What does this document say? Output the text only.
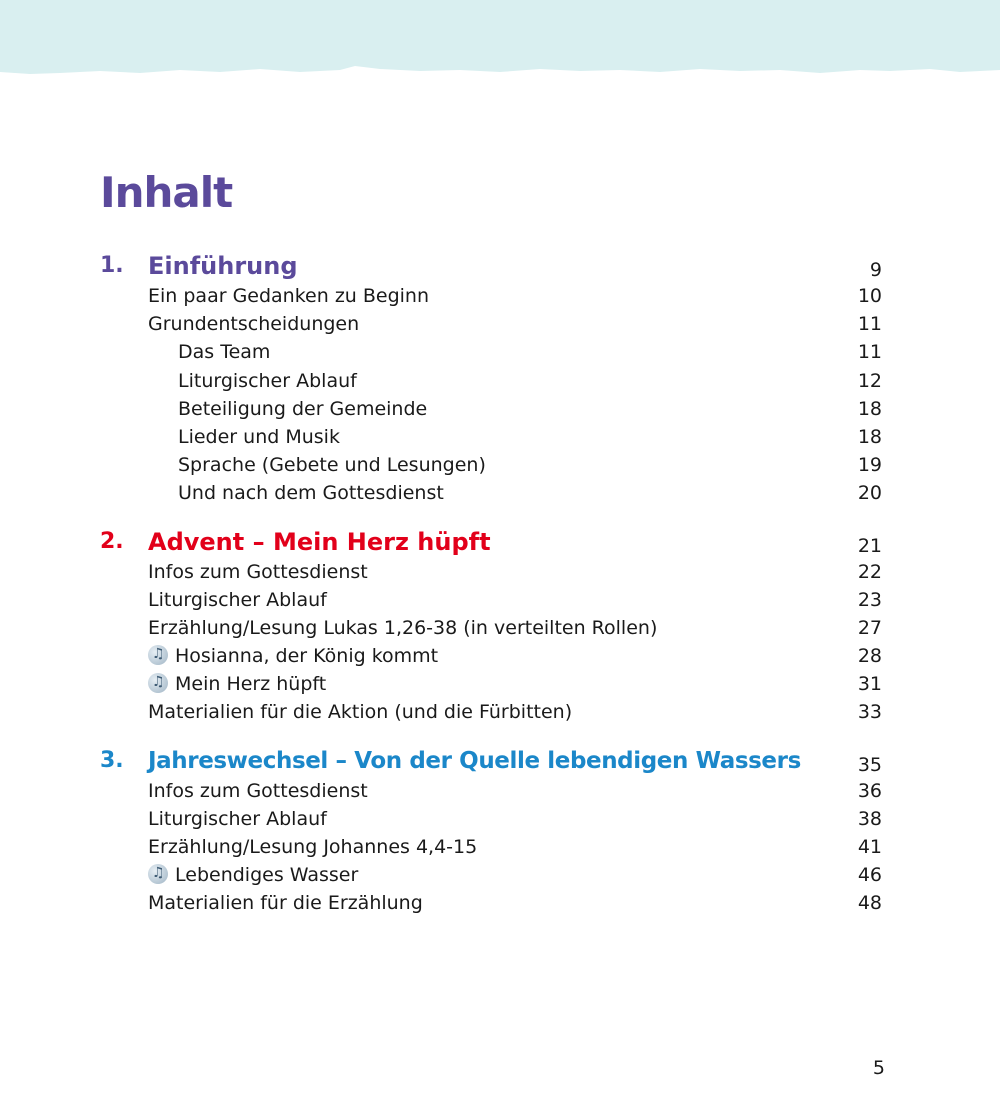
Inhalt
1. Einführung	9
Ein paar Gedanken zu Beginn	10
Grundentscheidungen	11
Das Team	11
Liturgischer Ablauf	12
Beteiligung der Gemeinde	18
Lieder und Musik	18
Sprache (Gebete und Lesungen)	19
Und nach dem Gottesdienst	20
2. Advent – Mein Herz hüpft	21
Infos zum Gottesdienst	22
Liturgischer Ablauf	23
Erzählung/Lesung Lukas 1,26-38 (in verteilten Rollen)	27
♫Hosianna, der König kommt	28
♫Mein Herz hüpft	31
Materialien für die Aktion (und die Fürbitten)	33
3. Jahreswechsel – Von der Quelle lebendigen Wassers	35
Infos zum Gottesdienst	36
Liturgischer Ablauf	38
Erzählung/Lesung Johannes 4,4-15	41
♫Lebendiges Wasser	46
Materialien für die Erzählung	48
5
